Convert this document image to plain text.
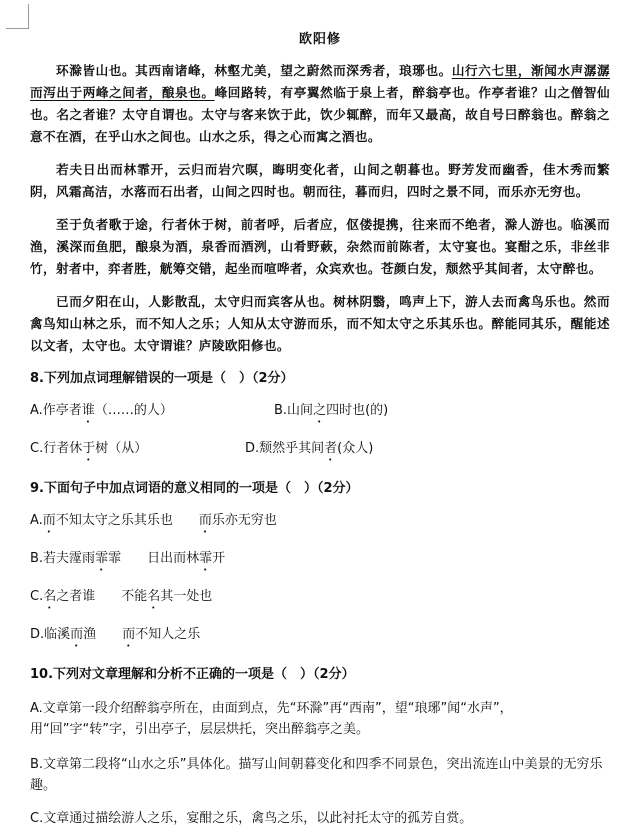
欧阳修

环滁皆山也。其西南诸峰，林壑尤美，望之蔚然而深秀者，琅琊也。山行六七里，渐闻水声潺潺而泻出于两峰之间者，酿泉也。峰回路转，有亭翼然临于泉上者，醉翁亭也。作亭者谁？山之僧智仙也。名之者谁？太守自谓也。太守与客来饮于此，饮少辄醉，而年又最高，故自号曰醉翁也。醉翁之意不在酒，在乎山水之间也。山水之乐，得之心而寓之酒也。

若夫日出而林霏开，云归而岩穴暝，晦明变化者，山间之朝暮也。野芳发而幽香，佳木秀而繁阴，风霜高洁，水落而石出者，山间之四时也。朝而往，暮而归，四时之景不同，而乐亦无穷也。

至于负者歌于途，行者休于树，前者呼，后者应，伛偻提携，往来而不绝者，滁人游也。临溪而渔，溪深而鱼肥，酿泉为酒，泉香而酒洌，山肴野蔌，杂然而前陈者，太守宴也。宴酣之乐，非丝非竹，射者中，弈者胜，觥筹交错，起坐而喧哗者，众宾欢也。苍颜白发，颓然乎其间者，太守醉也。

已而夕阳在山，人影散乱，太守归而宾客从也。树林阴翳，鸣声上下，游人去而禽鸟乐也。然而禽鸟知山林之乐，而不知人之乐；人知从太守游而乐，而不知太守之乐其乐也。醉能同其乐，醒能述以文者，太守也。太守谓谁？庐陵欧阳修也。

8.下列加点词理解错误的一项是（　）（2分）

A.作亭者谁（……的人）	B.山间之四时也(的)

C.行者休于树（从）	D.颓然乎其间者(众人)

9.下面句子中加点词语的意义相同的一项是（　）（2分）

A.而不知太守之乐其乐也　　而乐亦无穷也

B.若夫霪雨霏霏　　日出而林霏开

C.名之者谁　　不能名其一处也

D.临溪而渔　　而不知人之乐

10.下列对文章理解和分析不正确的一项是（　）（2分）

A.文章第一段介绍醉翁亭所在，由面到点，先“环滁”再“西南”，望“琅琊”闻“水声”，用“回”字“转”字，引出亭子，层层烘托，突出醉翁亭之美。

B.文章第二段将“山水之乐”具体化。描写山间朝暮变化和四季不同景色，突出流连山中美景的无穷乐趣。

C.文章通过描绘游人之乐，宴酣之乐，禽鸟之乐，以此衬托太守的孤芳自赏。
